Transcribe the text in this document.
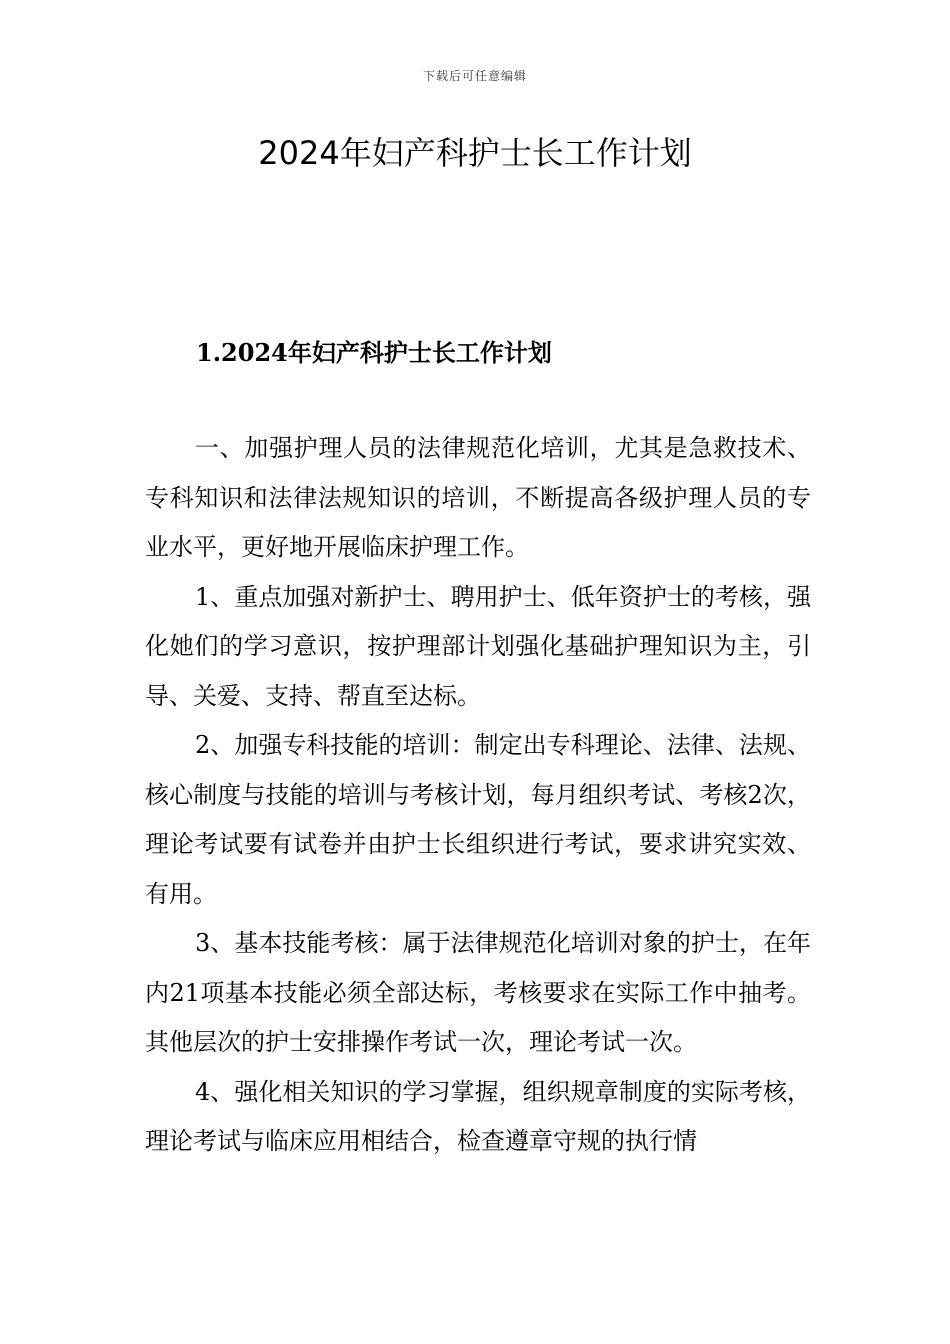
下载后可任意编辑
2024年妇产科护士长工作计划
1.2024年妇产科护士长工作计划

一、加强护理人员的法律规范化培训，尤其是急救技术、专科知识和法律法规知识的培训，不断提高各级护理人员的专业水平，更好地开展临床护理工作。

1、重点加强对新护士、聘用护士、低年资护士的考核，强化她们的学习意识，按护理部计划强化基础护理知识为主，引导、关爱、支持、帮直至达标。

2、加强专科技能的培训：制定出专科理论、法律、法规、核心制度与技能的培训与考核计划，每月组织考试、考核2次，理论考试要有试卷并由护士长组织进行考试，要求讲究实效、有用。

3、基本技能考核：属于法律规范化培训对象的护士，在年内21项基本技能必须全部达标，考核要求在实际工作中抽考。其他层次的护士安排操作考试一次，理论考试一次。

4、强化相关知识的学习掌握，组织规章制度的实际考核，理论考试与临床应用相结合，检查遵章守规的执行情
